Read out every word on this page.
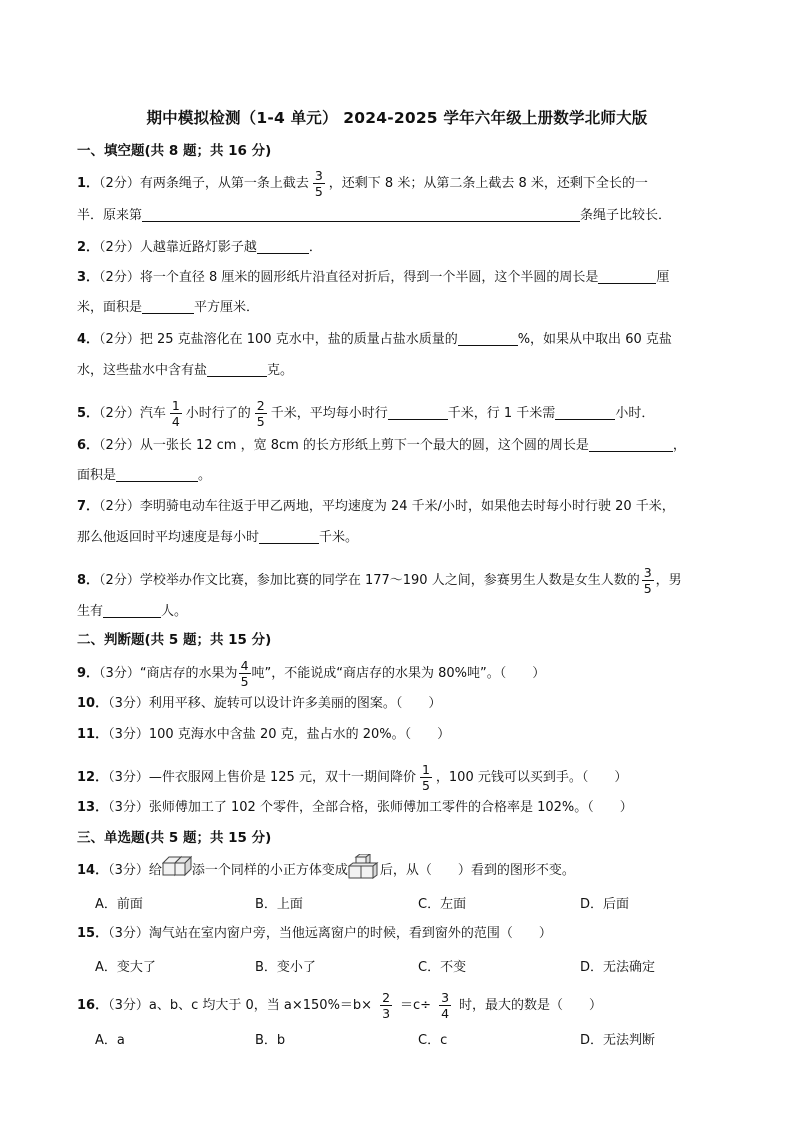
期中模拟检测（1-4 单元） 2024-2025 学年六年级上册数学北师大版
一、填空题(共 8 题；共 16 分)
1．（2分）有两条绳子，从第一条上截去 $\frac{3}{5}$ ，还剩下 8 米；从第二条上截去 8 米，还剩下全长的一
半．原来第	条绳子比较长．
2．（2分）人越靠近路灯影子越	．
3．（2分）将一个直径 8 厘米的圆形纸片沿直径对折后，得到一个半圆，这个半圆的周长是	厘
米，面积是	平方厘米．
4．（2分）把 25 克盐溶化在 100 克水中，盐的质量占盐水质量的	%，如果从中取出 60 克盐
水，这些盐水中含有盐	克。
5．（2分）汽车 $\frac{1}{4}$ 小时行了的 $\frac{2}{5}$ 千米，平均每小时行	千米，行 1 千米需	小时．
6．（2分）从一张长 12 cm ，宽 8cm 的长方形纸上剪下一个最大的圆，这个圆的周长是	，
面积是	。
7．（2分）李明骑电动车往返于甲乙两地，平均速度为 24 千米/小时，如果他去时每小时行驶 20 千米，
那么他返回时平均速度是每小时	千米。
8．（2分）学校举办作文比赛，参加比赛的同学在 177～190 人之间，参赛男生人数是女生人数的 $\frac{3}{5}$ ，男
生有	人。
二、判断题(共 5 题；共 15 分)
9．（3分）“商店存的水果为 $\frac{4}{5}$ 吨”，不能说成“商店存的水果为 80%吨”。（　　）
10．（3分）利用平移、旋转可以设计许多美丽的图案。（　　）
11．（3分）100 克海水中含盐 20 克，盐占水的 20%。（　　）
12．（3分）—件衣服网上售价是 125 元，双十一期间降价 $\frac{1}{5}$ ，100 元钱可以买到手。（　　）
13．（3分）张师傅加工了 102 个零件，全部合格，张师傅加工零件的合格率是 102%。（　　）
三、单选题(共 5 题；共 15 分)
14．（3分）给 添一个同样的小正方体变成 后，从（　　）看到的图形不变。
A．前面	B．上面	C．左面	D．后面
15．（3分）淘气站在室内窗户旁，当他远离窗户的时候，看到窗外的范围（　　）
A．变大了	B．变小了	C．不变	D．无法确定
16．（3分）a、b、c 均大于 0，当 $a\times 150\%=b\times \frac{2}{3} =c\div \frac{3}{4}$ 时，最大的数是（　　）
A．a	B．b	C．c	D．无法判断
